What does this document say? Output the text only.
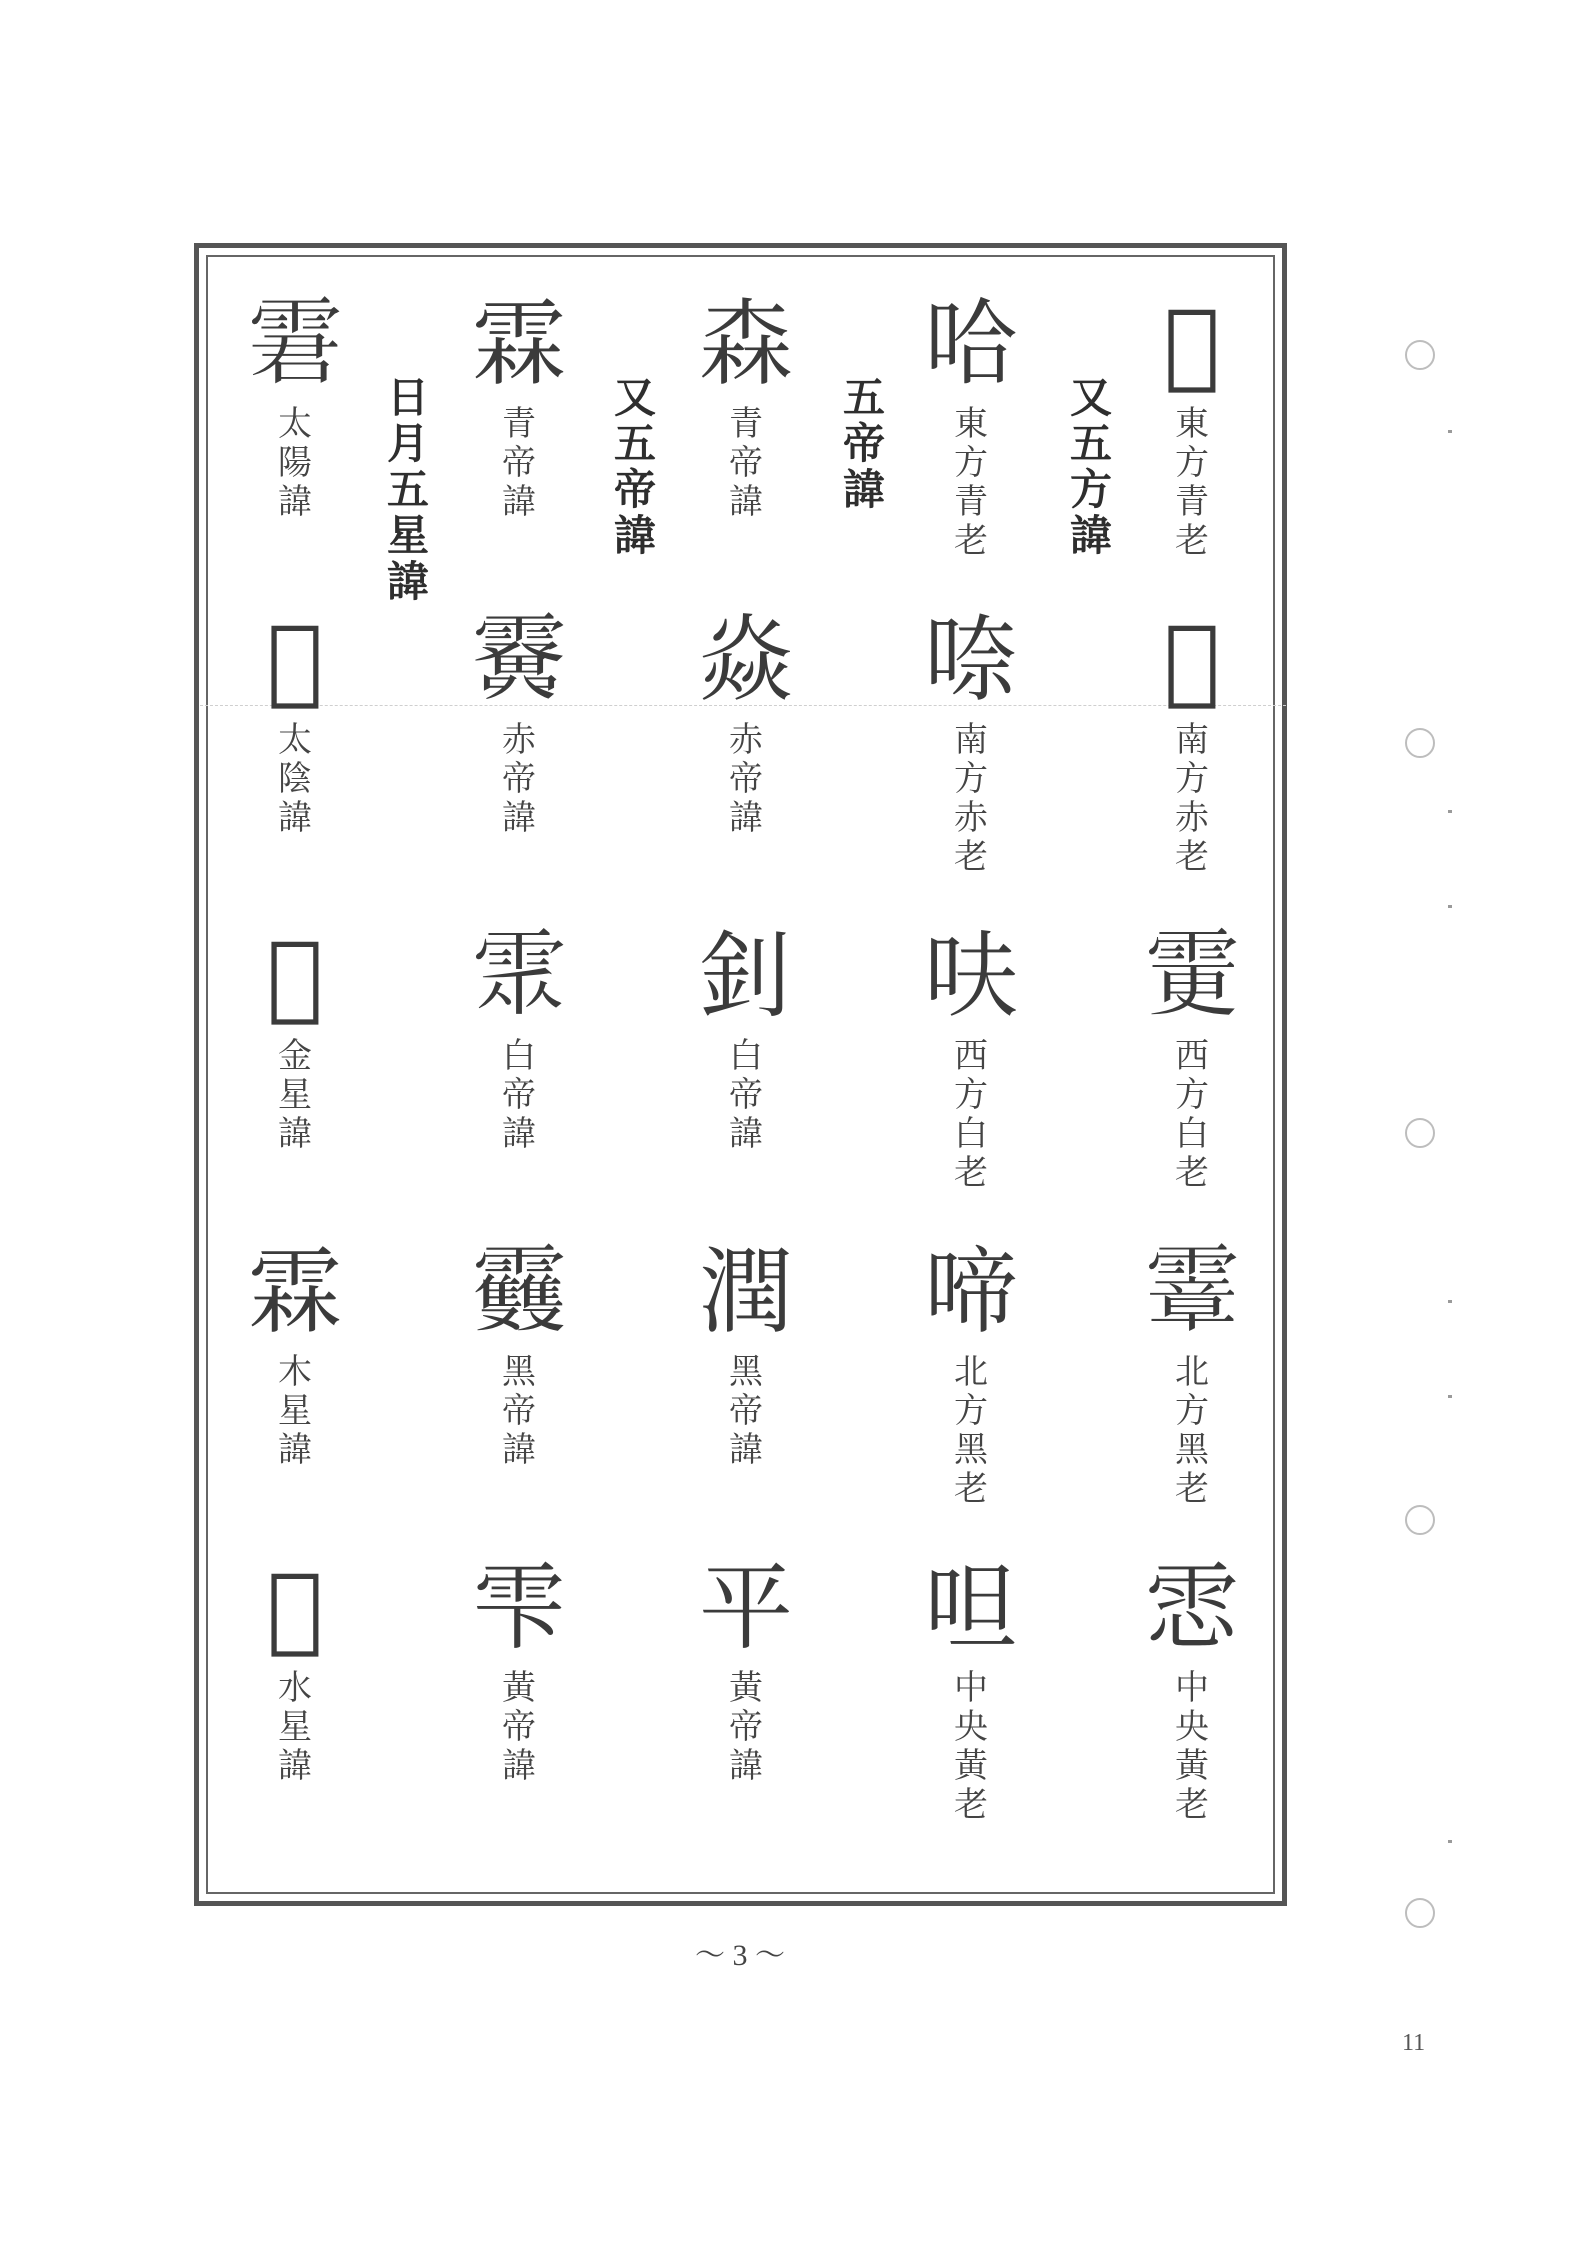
𩃎
東方青老
𩅹
南方赤老
𩂼
西方白老
𩅈
北方黑老
𩂈
中央黃老
又五方諱
哈
東方青老
㖠
南方赤老
呋
西方白老
啼
北方黑老
呾
中央黃老
五帝諱
森
青帝諱
焱
赤帝諱
釗
白帝諱
潤
黑帝諱
平
黃帝諱
又五帝諱
霖
青帝諱
𩆫
赤帝諱
𩂢
白帝諱
𩇈
黑帝諱
雫
黃帝諱
日月五星諱
𩂿
太陽諱
𩄇
太陰諱
𩃅
金星諱
霖
木星諱
𩂁
水星諱
〜 3 〜
11
